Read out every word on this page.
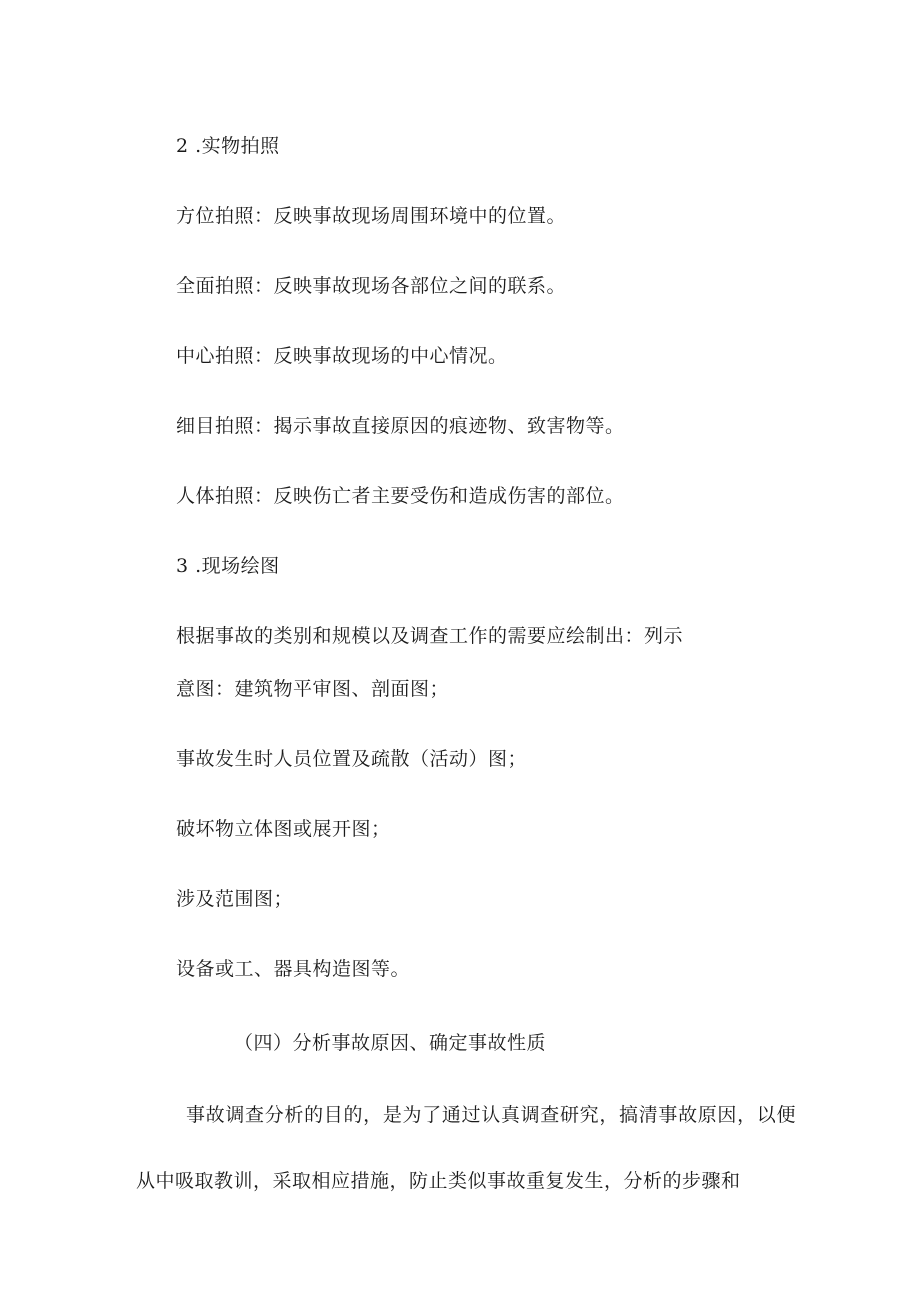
2 .实物拍照
方位拍照：反映事故现场周围环境中的位置。
全面拍照：反映事故现场各部位之间的联系。
中心拍照：反映事故现场的中心情况。
细目拍照：揭示事故直接原因的痕迹物、致害物等。
人体拍照：反映伤亡者主要受伤和造成伤害的部位。
3 .现场绘图
根据事故的类别和规模以及调查工作的需要应绘制出：列示
意图：建筑物平审图、剖面图；
事故发生时人员位置及疏散（活动）图；
破坏物立体图或展开图；
涉及范围图；
设备或工、器具构造图等。
（四）分析事故原因、确定事故性质
事故调查分析的目的，是为了通过认真调查研究，搞清事故原因，以便从中吸取教训，采取相应措施，防止类似事故重复发生，分析的步骤和
